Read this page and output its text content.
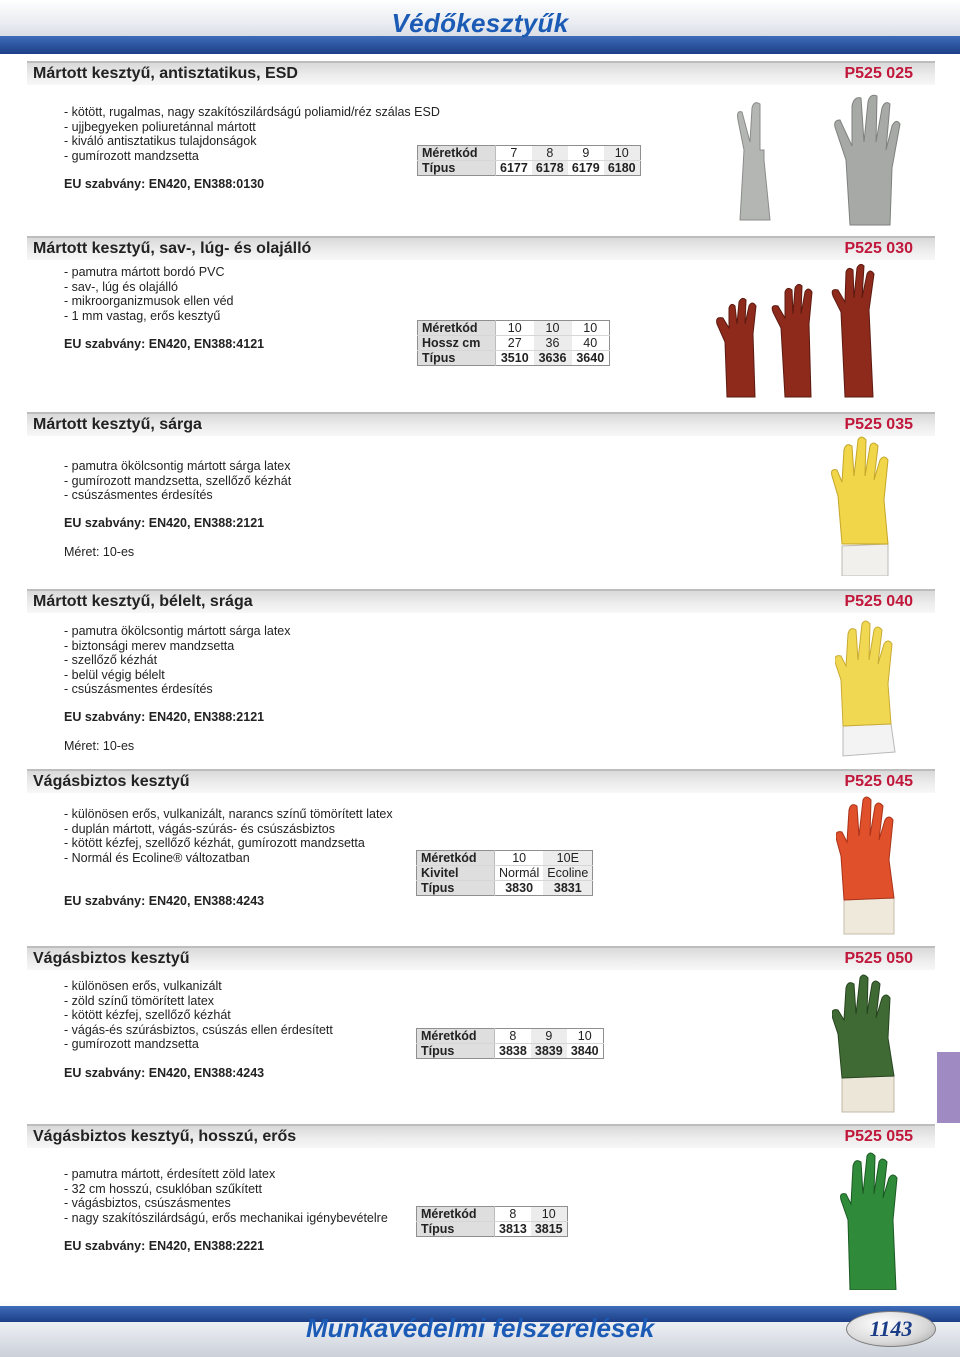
Védőkesztyűk
Mártott kesztyű, antisztatikus, ESD	P525 025
- kötött, rugalmas, nagy szakítószilárdságú poliamid/réz szálas ESD
- ujjbegyeken poliuretánnal mártott
- kiváló antisztatikus tulajdonságok
- gumírozott mandzsetta
EU szabvány: EN420, EN388:0130
Méretkód	7	8	9	10
Típus	6177	6178	6179	6180
Mártott kesztyű, sav-, lúg- és olajálló	P525 030
- pamutra mártott bordó PVC
- sav-, lúg és olajálló
- mikroorganizmusok ellen véd
- 1 mm vastag, erős kesztyű
EU szabvány: EN420, EN388:4121
Méretkód	10	10	10
Hossz cm	27	36	40
Típus	3510	3636	3640
Mártott kesztyű, sárga	P525 035
- pamutra ökölcsontig mártott sárga latex
- gumírozott mandzsetta, szellőző kézhát
- csúszásmentes érdesítés
EU szabvány: EN420, EN388:2121
Méret: 10-es
Mártott kesztyű, bélelt, srága	P525 040
- pamutra ökölcsontig mártott sárga latex
- biztonsági merev mandzsetta
- szellőző kézhát
- belül végig bélelt
- csúszásmentes érdesítés
EU szabvány: EN420, EN388:2121
Méret: 10-es
Vágásbiztos kesztyű	P525 045
- különösen erős, vulkanizált, narancs színű tömörített latex
- duplán mártott, vágás-szúrás- és csúszásbiztos
- kötött kézfej, szellőző kézhát, gumírozott mandzsetta
- Normál és Ecoline® változatban
EU szabvány: EN420, EN388:4243
Méretkód	10	10E
Kivitel	Normál	Ecoline
Típus	3830	3831
Vágásbiztos kesztyű	P525 050
- különösen erős, vulkanizált
- zöld színű tömörített latex
- kötött kézfej, szellőző kézhát
- vágás-és szúrásbiztos, csúszás ellen érdesített
- gumírozott mandzsetta
EU szabvány: EN420, EN388:4243
Méretkód	8	9	10
Típus	3838	3839	3840
Vágásbiztos kesztyű, hosszú, erős	P525 055
- pamutra mártott, érdesített zöld latex
- 32 cm hosszú, csuklóban szűkített
- vágásbiztos, csúszásmentes
- nagy szakítószilárdságú, erős mechanikai igénybevételre
EU szabvány: EN420, EN388:2221
Méretkód	8	10
Típus	3813	3815
Munkavédelmi felszerelések	1143
